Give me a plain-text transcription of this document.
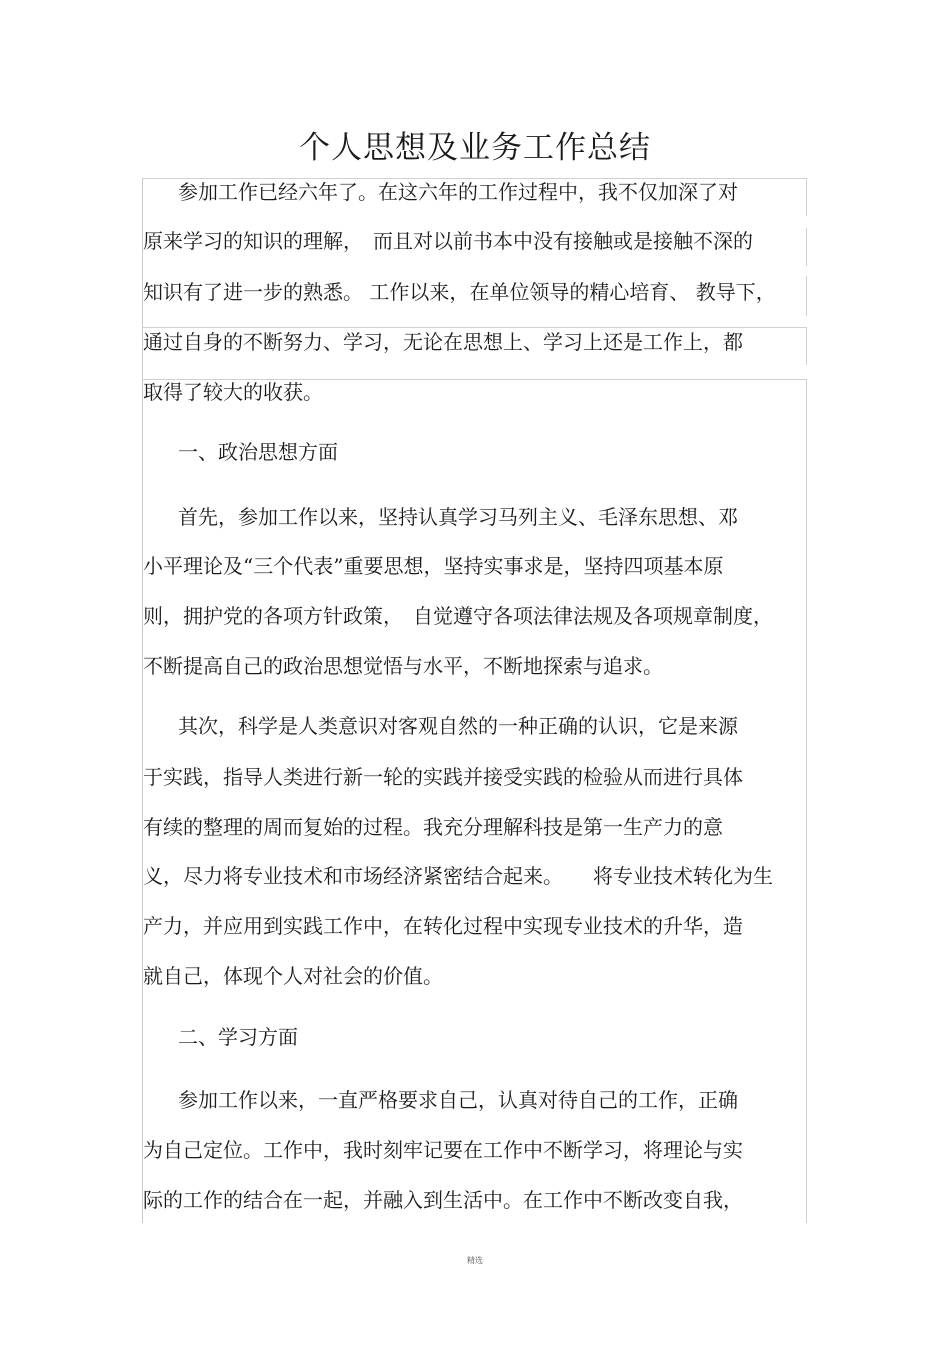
个人思想及业务工作总结
参加工作已经六年了。在这六年的工作过程中，我不仅加深了对
原来学习的知识的理解，　而且对以前书本中没有接触或是接触不深的
知识有了进一步的熟悉。 工作以来，在单位领导的精心培育、 教导下，
通过自身的不断努力、学习，无论在思想上、学习上还是工作上，都
取得了较大的收获。
一、政治思想方面
首先，参加工作以来，坚持认真学习马列主义、毛泽东思想、邓
小平理论及“三个代表”重要思想，坚持实事求是，坚持四项基本原
则，拥护党的各项方针政策，　自觉遵守各项法律法规及各项规章制度，
不断提高自己的政治思想觉悟与水平，不断地探索与追求。
其次，科学是人类意识对客观自然的一种正确的认识，它是来源
于实践，指导人类进行新一轮的实践并接受实践的检验从而进行具体
有续的整理的周而复始的过程。我充分理解科技是第一生产力的意
义，尽力将专业技术和市场经济紧密结合起来。　　将专业技术转化为生
产力，并应用到实践工作中，在转化过程中实现专业技术的升华，造
就自己，体现个人对社会的价值。
二、学习方面
参加工作以来，一直严格要求自己，认真对待自己的工作，正确
为自己定位。工作中，我时刻牢记要在工作中不断学习，将理论与实
际的工作的结合在一起，并融入到生活中。在工作中不断改变自我，
精选
